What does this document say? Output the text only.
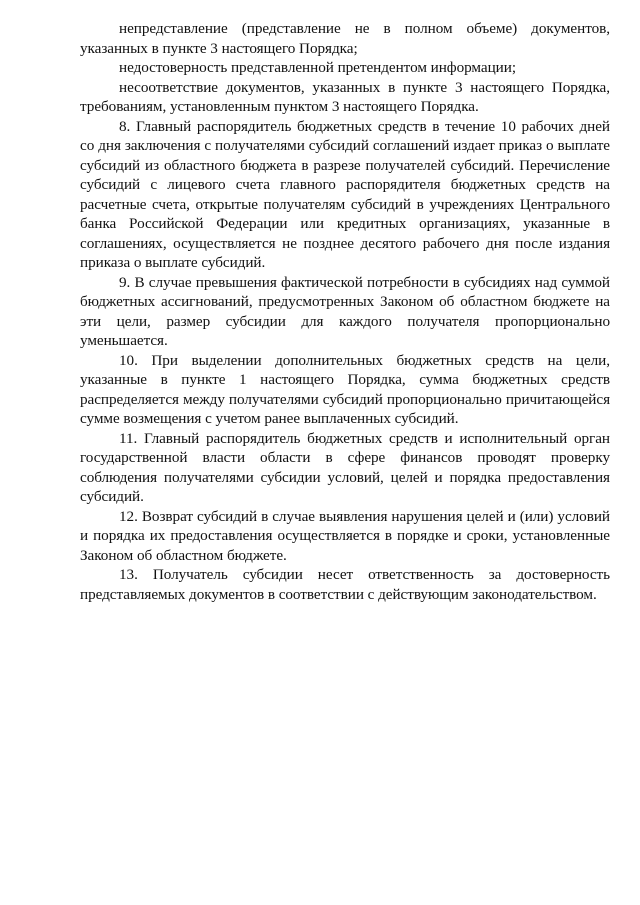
непредставление (представление не в полном объеме) документов, указанных в пункте 3 настоящего Порядка;

недостоверность представленной претендентом информации;

несоответствие документов, указанных в пункте 3 настоящего Порядка, требованиям, установленным пунктом 3 настоящего Порядка.

8. Главный распорядитель бюджетных средств в течение 10 рабочих дней со дня заключения с получателями субсидий соглашений издает приказ о выплате субсидий из областного бюджета в разрезе получателей субсидий. Перечисление субсидий с лицевого счета главного распорядителя бюджетных средств на расчетные счета, открытые получателям субсидий в учреждениях Центрального банка Российской Федерации или кредитных организациях, указанные в соглашениях, осуществляется не позднее десятого рабочего дня после издания приказа о выплате субсидий.

9. В случае превышения фактической потребности в субсидиях над суммой бюджетных ассигнований, предусмотренных Законом об областном бюджете на эти цели, размер субсидии для каждого получателя пропорционально уменьшается.

10. При выделении дополнительных бюджетных средств на цели, указанные в пункте 1 настоящего Порядка, сумма бюджетных средств распределяется между получателями субсидий пропорционально причитающейся сумме возмещения с учетом ранее выплаченных субсидий.

11. Главный распорядитель бюджетных средств и исполнительный орган государственной власти области в сфере финансов проводят проверку соблюдения получателями субсидии условий, целей и порядка предоставления субсидий.

12. Возврат субсидий в случае выявления нарушения целей и (или) условий и порядка их предоставления осуществляется в порядке и сроки, установленные Законом об областном бюджете.

13. Получатель субсидии несет ответственность за достоверность представляемых документов в соответствии с действующим законодательством.
